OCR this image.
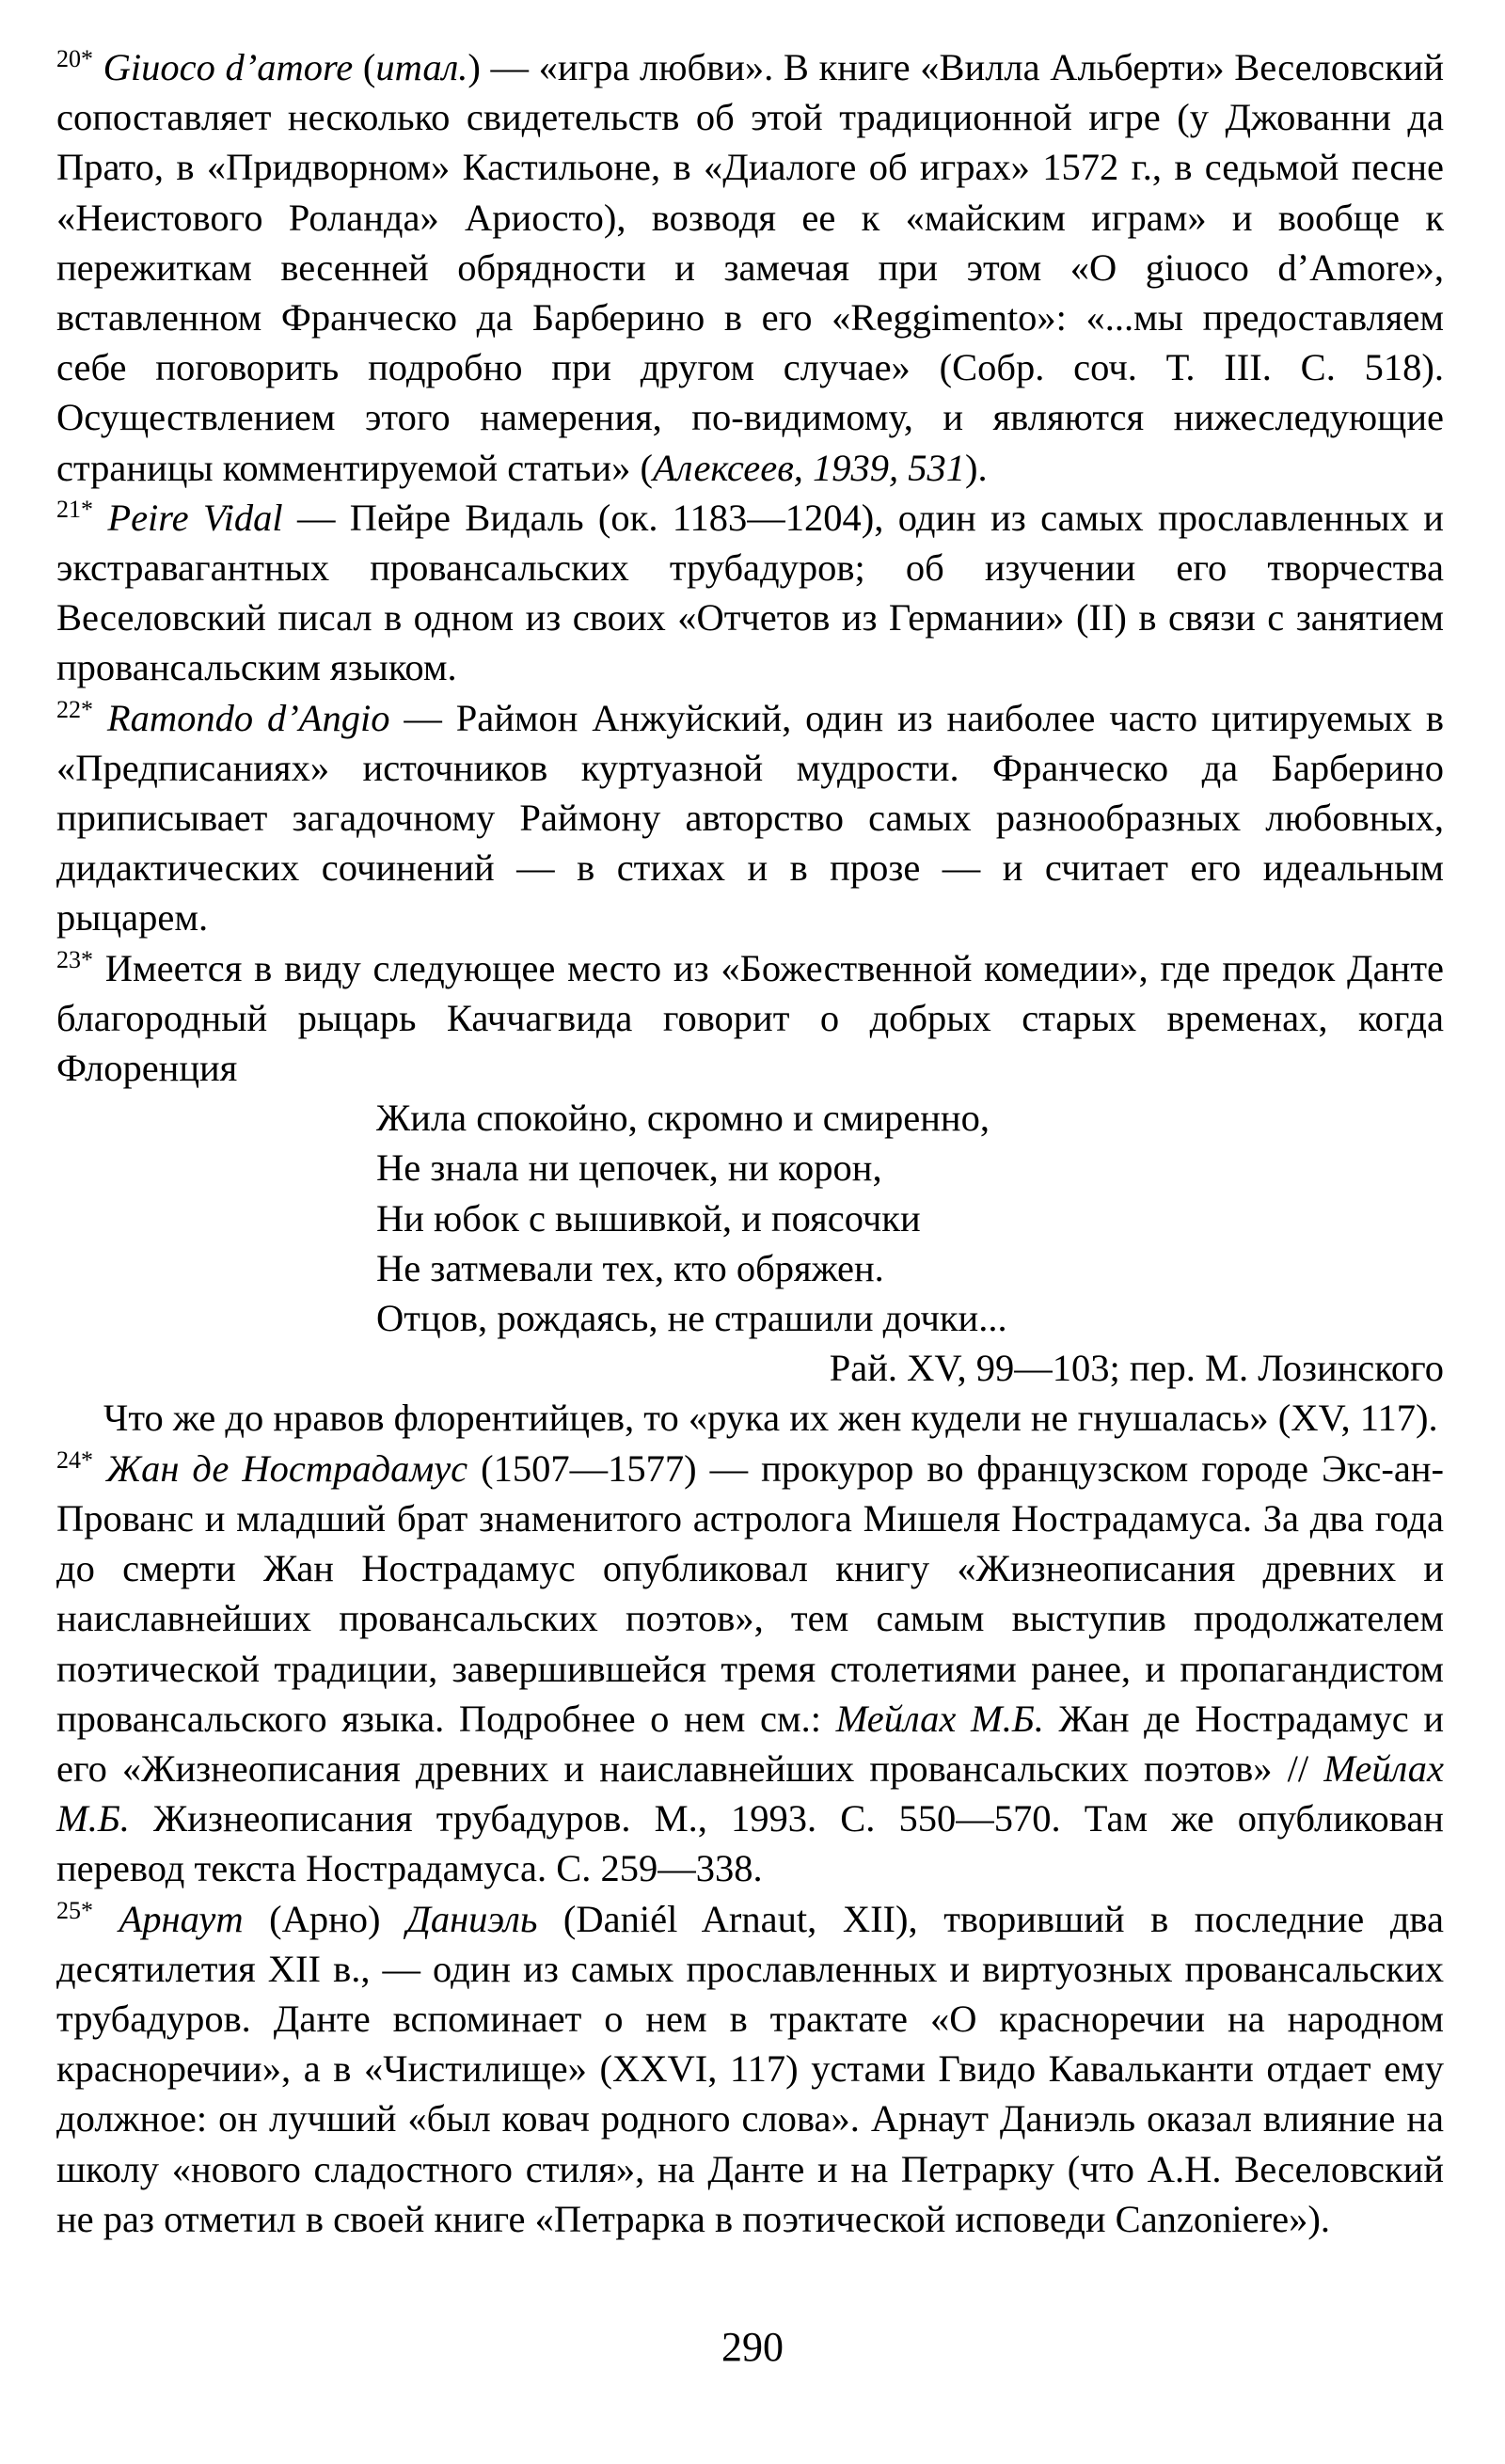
$^{20*}$ Giuoco d’amore (итал.) — «игра любви». В книге «Вилла Альберти» Веселовский сопоставляет несколько свидетельств об этой традиционной игре (у Джованни да Прато, в «Придворном» Кастильоне, в «Диалоге об играх» 1572 г., в седьмой песне «Неистового Роланда» Ариосто), возводя ее к «майским играм» и вообще к пережиткам весенней обрядности и замечая при этом «О giuoco d’Amore», вставленном Франческо да Барберино в его «Reggimento»: «...мы предоставляем себе поговорить подробно при другом случае» (Собр. соч. Т. III. С. 518). Осуществлением этого намерения, по-видимому, и являются нижеследующие страницы комментируемой статьи» (Алексеев, 1939, 531).

$^{21*}$ Peire Vidal — Пейре Видаль (ок. 1183—1204), один из самых прославленных и экстравагантных провансальских трубадуров; об изучении его творчества Веселовский писал в одном из своих «Отчетов из Германии» (II) в связи с занятием провансальским языком.

$^{22*}$ Ramondo d’Angio — Раймон Анжуйский, один из наиболее часто цитируемых в «Предписаниях» источников куртуазной мудрости. Франческо да Барберино приписывает загадочному Раймону авторство самых разнообразных любовных, дидактических сочинений — в стихах и в прозе — и считает его идеальным рыцарем.

$^{23*}$ Имеется в виду следующее место из «Божественной комедии», где предок Данте благородный рыцарь Каччагвида говорит о добрых старых временах, когда Флоренция

Жила спокойно, скромно и смиренно,
Не знала ни цепочек, ни корон,
Ни юбок с вышивкой, и поясочки
Не затмевали тех, кто обряжен.
Отцов, рождаясь, не страшили дочки...
Рай. XV, 99—103; пер. М. Лозинского

Что же до нравов флорентийцев, то «рука их жен кудели не гнушалась» (XV, 117).

$^{24*}$ Жан де Нострадамус (1507—1577) — прокурор во французском городе Экс-ан-Прованс и младший брат знаменитого астролога Мишеля Нострадамуса. За два года до смерти Жан Нострадамус опубликовал книгу «Жизнеописания древних и наиславнейших провансальских поэтов», тем самым выступив продолжателем поэтической традиции, завершившейся тремя столетиями ранее, и пропагандистом провансальского языка. Подробнее о нем см.: Мейлах М.Б. Жан де Нострадамус и его «Жизнеописания древних и наиславнейших провансальских поэтов» // Мейлах М.Б. Жизнеописания трубадуров. М., 1993. С. 550—570. Там же опубликован перевод текста Нострадамуса. С. 259—338.

$^{25*}$ Арнаут (Арно) Даниэль (Daniél Arnaut, XII), творивший в последние два десятилетия XII в., — один из самых прославленных и виртуозных провансальских трубадуров. Данте вспоминает о нем в трактате «О красноречии на народном красноречии», а в «Чистилище» (XXVI, 117) устами Гвидо Кавальканти отдает ему должное: он лучший «был ковач родного слова». Арнаут Даниэль оказал влияние на школу «нового сладостного стиля», на Данте и на Петрарку (что А.Н. Веселовский не раз отметил в своей книге «Петрарка в поэтической исповеди Canzoniere»).

290
